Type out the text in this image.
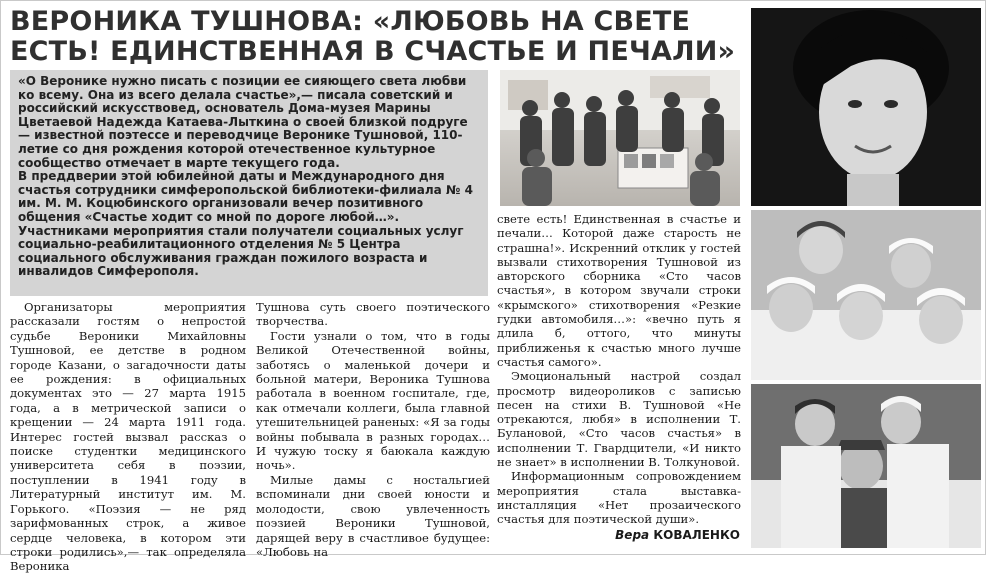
ВЕРОНИКА ТУШНОВА: «ЛЮБОВЬ НА СВЕТЕ ЕСТЬ! ЕДИНСТВЕННАЯ В СЧАСТЬЕ И ПЕЧАЛИ»

«О Веронике нужно писать с позиции ее сияющего света любви ко всему. Она из всего делала счастье»,— писала советский и российский искусствовед, основатель Дома-музея Марины Цветаевой Надежда Катаева-Лыткина о своей близкой подруге — известной поэтессе и переводчице Веронике Тушновой, 110-летие со дня рождения которой отечественное культурное сообщество отмечает в марте текущего года.

В преддверии этой юбилейной даты и Международного дня счастья сотрудники симферопольской библиотеки-филиала № 4 им. М. М. Коцюбинского организовали вечер позитивного общения «Счастье ходит со мной по дороге любой…».

Участниками мероприятия стали получатели социальных услуг социально-реабилитационного отделения № 5 Центра социального обслуживания граждан пожилого возраста и инвалидов Симферополя.

Организаторы мероприятия рассказали гостям о непростой судьбе Вероники Михайловны Тушновой, ее детстве в родном городе Казани, о загадочности даты ее рождения: в официальных документах это — 27 марта 1915 года, а в метрической записи о крещении — 24 марта 1911 года. Интерес гостей вызвал рассказ о поиске студентки медицинского университета себя в поэзии, поступлении в 1941 году в Литературный институт им. М. Горького. «Поэзия — не ряд зарифмованных строк, а живое сердце человека, в котором эти строки родились»,— так определяла Вероника

Тушнова суть своего поэтического творчества.

Гости узнали о том, что в годы Великой Отечественной войны, заботясь о маленькой дочери и больной матери, Вероника Тушнова работала в военном госпитале, где, как отмечали коллеги, была главной утешительницей раненых: «Я за годы войны побывала в разных городах… И чужую тоску я баюкала каждую ночь».

Милые дамы с ностальгией вспоминали дни своей юности и молодости, свою увлеченность поэзией Вероники Тушновой, дарящей веру в счастливое будущее: «Любовь на

свете есть! Единственная в счастье и печали… Которой даже старость не страшна!». Искренний отклик у гостей вызвали стихотворения Тушновой из авторского сборника «Сто часов счастья», в котором звучали строки «крымского» стихотворения «Резкие гудки автомобиля…»: «вечно путь я длила б, оттого, что минуты приближенья к счастью много лучше счастья самого».

Эмоциональный настрой создал просмотр видеороликов с записью песен на стихи В. Тушновой «Не отрекаются, любя» в исполнении Т. Булановой, «Сто часов счастья» в исполнении Т. Гвардцители, «И никто не знает» в исполнении В. Толкуновой.

Информационным сопровождением мероприятия стала выставка-инсталляция «Нет прозаического счастья для поэтической души».

Вера КОВАЛЕНКО
